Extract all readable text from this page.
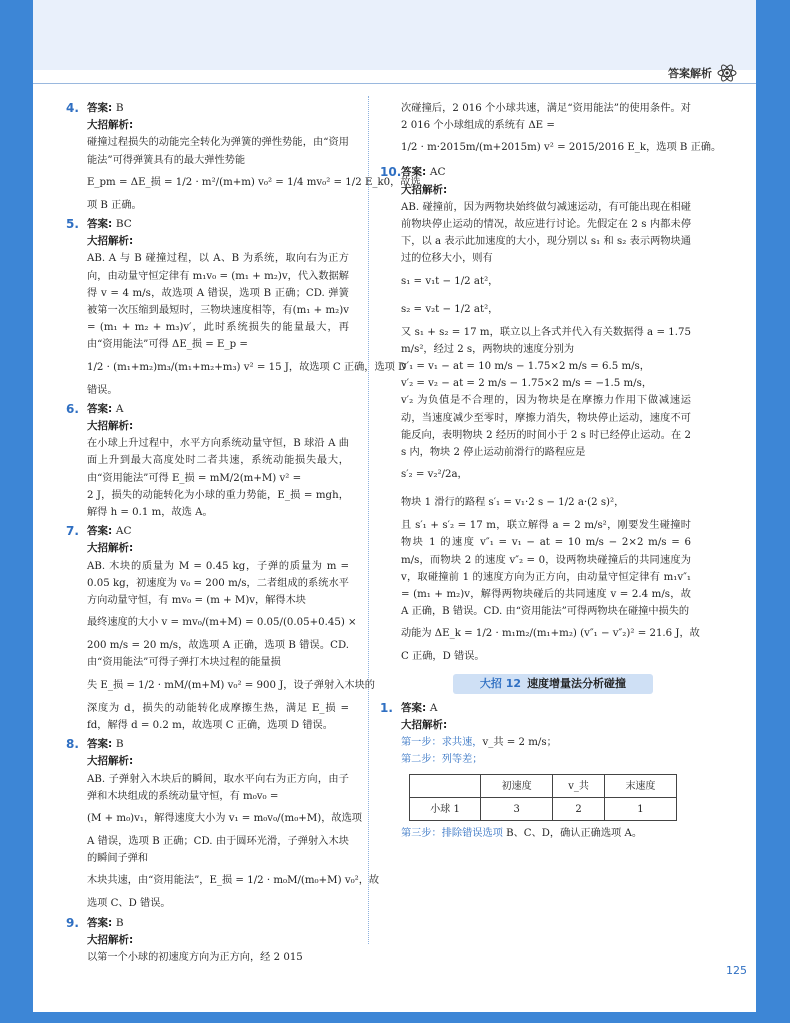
答案解析
4. 答案: B
大招解析:
碰撞过程损失的动能完全转化为弹簧的弹性势能，由“资用能法”可得弹簧具有的最大弹性势能
E_pm = ΔE_损 = 1/2 · m²/(m+m) v₀² = 1/4 mv₀² = 1/2 E_k0，故选
项 B 正确。
5. 答案: BC
大招解析:
AB. A 与 B 碰撞过程，以 A、B 为系统，取向右为正方向，由动量守恒定律有 m₁v₀ = (m₁ + m₂)v，代入数据解得 v = 4 m/s，故选项 A 错误，选项 B 正确；CD. 弹簧被第一次压缩到最短时，三物块速度相等，有(m₁ + m₂)v = (m₁ + m₂ + m₃)v′，此时系统损失的能量最大，再由“资用能法”可得 ΔE_损 = E_p =
1/2 · (m₁+m₂)m₃/(m₁+m₂+m₃) v² = 15 J，故选项 C 正确，选项 D
错误。
6. 答案: A
大招解析:
在小球上升过程中，水平方向系统动量守恒，B 球沿 A 曲面上升到最大高度处时二者共速，系统动能损失最大，由“资用能法”可得 E_损 = mM/2(m+M) v² =
2 J，损失的动能转化为小球的重力势能，E_损 = mgh，解得 h = 0.1 m，故选 A。
7. 答案: AC
大招解析:
AB. 木块的质量为 M = 0.45 kg，子弹的质量为 m = 0.05 kg，初速度为 v₀ = 200 m/s，二者组成的系统水平方向动量守恒，有 mv₀ = (m + M)v，解得木块
最终速度的大小 v = mv₀/(m+M) = 0.05/(0.05+0.45) ×
200 m/s = 20 m/s，故选项 A 正确，选项 B 错误。CD. 由“资用能法”可得子弹打木块过程的能量损
失 E_损 = 1/2 · mM/(m+M) v₀² = 900 J，设子弹射入木块的
深度为 d，损失的动能转化成摩擦生热，满足 E_损 = fd，解得 d = 0.2 m，故选项 C 正确，选项 D 错误。
8. 答案: B
大招解析:
AB. 子弹射入木块后的瞬间，取水平向右为正方向，由子弹和木块组成的系统动量守恒，有 m₀v₀ =
(M + m₀)v₁，解得速度大小为 v₁ = m₀v₀/(m₀+M)，故选项
A 错误，选项 B 正确；CD. 由于圆环光滑，子弹射入木块的瞬间子弹和
木块共速，由“资用能法”，E_损 = 1/2 · m₀M/(m₀+M) v₀²，故
选项 C、D 错误。
9. 答案: B
大招解析:
以第一个小球的初速度方向为正方向，经 2 015
次碰撞后，2 016 个小球共速，满足“资用能法”的使用条件。对 2 016 个小球组成的系统有 ΔE =
1/2 · m·2015m/(m+2015m) v² = 2015/2016 E_k，选项 B 正确。
10. 答案: AC
大招解析:
AB. 碰撞前，因为两物块始终做匀减速运动，有可能出现在相碰前物块停止运动的情况，故应进行讨论。先假定在 2 s 内都未停下，以 a 表示此加速度的大小，现分别以 s₁ 和 s₂ 表示两物块通过的位移大小，则有
s₁ = v₁t − 1/2 at²，
s₂ = v₂t − 1/2 at²，
又 s₁ + s₂ = 17 m，联立以上各式并代入有关数据得 a = 1.75 m/s²，经过 2 s，两物块的速度分别为
v′₁ = v₁ − at = 10 m/s − 1.75×2 m/s = 6.5 m/s，
v′₂ = v₂ − at = 2 m/s − 1.75×2 m/s = −1.5 m/s，
v′₂ 为负值是不合理的，因为物块是在摩擦力作用下做减速运动，当速度减少至零时，摩擦力消失，物块停止运动，速度不可能反向，表明物块 2 经历的时间小于 2 s 时已经停止运动。在 2 s 内，物块 2 停止运动前滑行的路程应是
s′₂ = v₂²/2a，
物块 1 滑行的路程 s′₁ = v₁·2 s − 1/2 a·(2 s)²，
且 s′₁ + s′₂ = 17 m，联立解得 a = 2 m/s²，刚要发生碰撞时物块 1 的速度 v″₁ = v₁ − at = 10 m/s − 2×2 m/s = 6 m/s，而物块 2 的速度 v″₂ = 0，设两物块碰撞后的共同速度为 v，取碰撞前 1 的速度方向为正方向，由动量守恒定律有 m₁v″₁ = (m₁ + m₂)v，解得两物块碰后的共同速度 v = 2.4 m/s，故 A 正确，B 错误。CD. 由“资用能法”可得两物块在碰撞中损失的
动能为 ΔE_k = 1/2 · m₁m₂/(m₁+m₂) (v″₁ − v″₂)² = 21.6 J，故
C 正确，D 错误。
大招 12 速度增量法分析碰撞
1. 答案: A
大招解析:
第一步：求共速，v_共 = 2 m/s；
第二步：列等差；
	初速度	v_共	末速度
小球 1	3	2	1
第三步：排除错误选项 B、C、D，确认正确选项 A。
125
